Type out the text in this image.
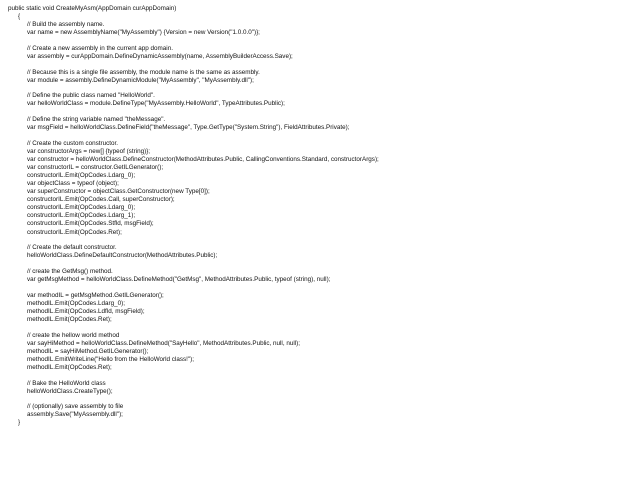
public static void CreateMyAsm(AppDomain curAppDomain)
{
// Build the assembly name.
var name = new AssemblyName("MyAssembly") {Version = new Version("1.0.0.0")};
// Create a new assembly in the current app domain.
var assembly = curAppDomain.DefineDynamicAssembly(name, AssemblyBuilderAccess.Save);
// Because this is a single file assembly, the module name is the same as assembly.
var module = assembly.DefineDynamicModule("MyAssembly", "MyAssembly.dll");
// Define the public class named "HelloWorld".
var helloWorldClass = module.DefineType("MyAssembly.HelloWorld", TypeAttributes.Public);
// Define the string variable named "theMessage".
var msgField = helloWorldClass.DefineField("theMessage", Type.GetType("System.String"), FieldAttributes.Private);
// Create the custom constructor.
var constructorArgs = new[] {typeof (string)};
var constructor = helloWorldClass.DefineConstructor(MethodAttributes.Public, CallingConventions.Standard, constructorArgs);
var constructorIL = constructor.GetILGenerator();
constructorIL.Emit(OpCodes.Ldarg_0);
var objectClass = typeof (object);
var superConstructor = objectClass.GetConstructor(new Type[0]);
constructorIL.Emit(OpCodes.Call, superConstructor);
constructorIL.Emit(OpCodes.Ldarg_0);
constructorIL.Emit(OpCodes.Ldarg_1);
constructorIL.Emit(OpCodes.Stfld, msgField);
constructorIL.Emit(OpCodes.Ret);
// Create the default constructor.
helloWorldClass.DefineDefaultConstructor(MethodAttributes.Public);
// create the GetMsg() method.
var getMsgMethod = helloWorldClass.DefineMethod("GetMsg", MethodAttributes.Public, typeof (string), null);
var methodIL = getMsgMethod.GetILGenerator();
methodIL.Emit(OpCodes.Ldarg_0);
methodIL.Emit(OpCodes.Ldfld, msgField);
methodIL.Emit(OpCodes.Ret);
// create the hellow world method
var sayHiMethod = helloWorldClass.DefineMethod("SayHello", MethodAttributes.Public, null, null);
methodIL = sayHiMethod.GetILGenerator();
methodIL.EmitWriteLine("Hello from the HelloWorld class!");
methodIL.Emit(OpCodes.Ret);
// Bake the HelloWorld class
helloWorldClass.CreateType();
// (optionally) save assembly to file
assembly.Save("MyAssembly.dll");
}
